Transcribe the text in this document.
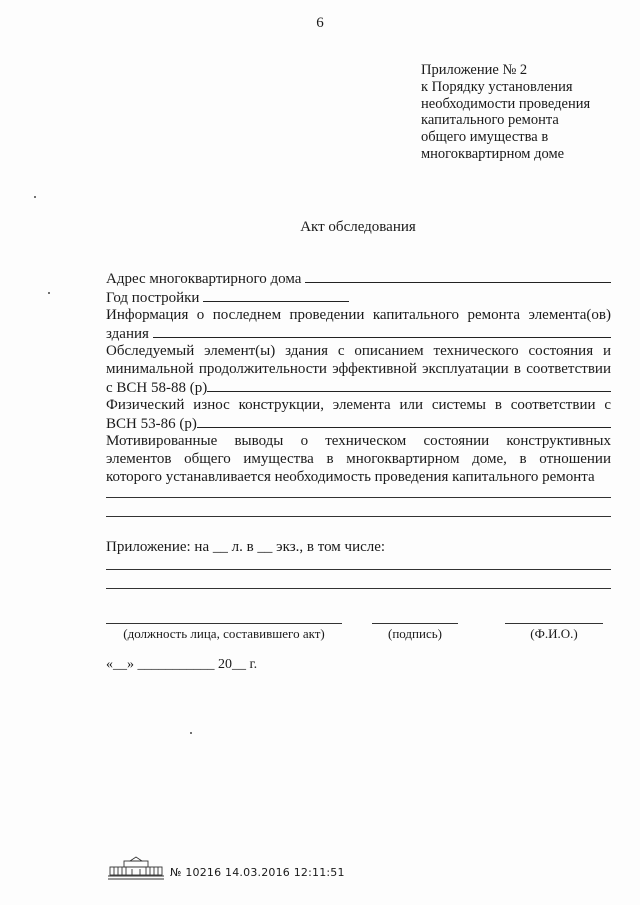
6
Приложение № 2
к Порядку установления
необходимости проведения
капитального ремонта
общего имущества в
многоквартирном доме
Акт обследования
Адрес многоквартирного дома
Год постройки
Информация о последнем проведении капитального ремонта элемента(ов)
здания
Обследуемый элемент(ы) здания с описанием технического состояния и
минимальной продолжительности эффективной эксплуатации в соответствии
с ВСН 58-88 (р)
Физический износ конструкции, элемента или системы в соответствии с
ВСН 53-86 (р)
Мотивированные выводы о техническом состоянии конструктивных
элементов общего имущества в многоквартирном доме, в отношении
которого устанавливается необходимость проведения капитального ремонта
Приложение: на __ л. в __ экз., в том числе:
(должность лица, составившего акт)	(подпись)	(Ф.И.О.)
«__» ___________ 20__ г.
№ 10216 14.03.2016 12:11:51
